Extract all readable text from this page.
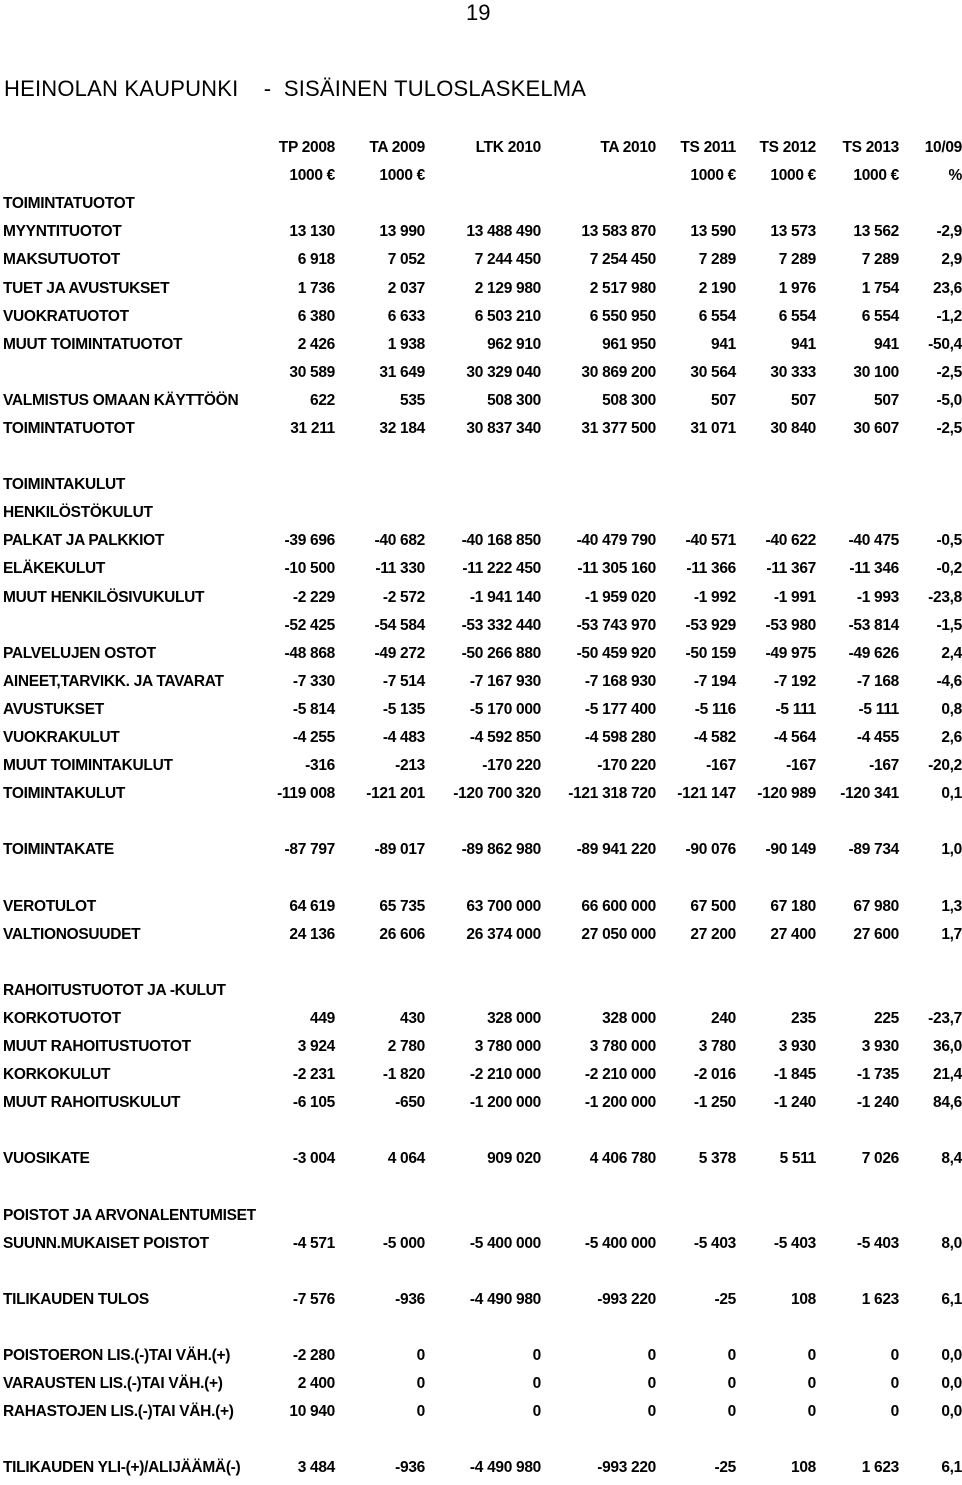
19
HEINOLAN KAUPUNKI    -  SISÄINEN TULOSLASKELMA
	TP 2008	TA 2009	LTK 2010	TA 2010	TS 2011	TS 2012	TS 2013	10/09
	1000 €	1000 €			1000 €	1000 €	1000 €	%
TOIMINTATUOTOT								
MYYNTITUOTOT	13 130	13 990	13 488 490	13 583 870	13 590	13 573	13 562	-2,9
MAKSUTUOTOT	6 918	7 052	7 244 450	7 254 450	7 289	7 289	7 289	2,9
TUET JA AVUSTUKSET	1 736	2 037	2 129 980	2 517 980	2 190	1 976	1 754	23,6
VUOKRATUOTOT	6 380	6 633	6 503 210	6 550 950	6 554	6 554	6 554	-1,2
MUUT TOIMINTATUOTOT	2 426	1 938	962 910	961 950	941	941	941	-50,4
	30 589	31 649	30 329 040	30 869 200	30 564	30 333	30 100	-2,5
VALMISTUS OMAAN KÄYTTÖÖN	622	535	508 300	508 300	507	507	507	-5,0
TOIMINTATUOTOT	31 211	32 184	30 837 340	31 377 500	31 071	30 840	30 607	-2,5

TOIMINTAKULUT								
HENKILÖSTÖKULUT								
PALKAT JA PALKKIOT	-39 696	-40 682	-40 168 850	-40 479 790	-40 571	-40 622	-40 475	-0,5
ELÄKEKULUT	-10 500	-11 330	-11 222 450	-11 305 160	-11 366	-11 367	-11 346	-0,2
MUUT HENKILÖSIVUKULUT	-2 229	-2 572	-1 941 140	-1 959 020	-1 992	-1 991	-1 993	-23,8
	-52 425	-54 584	-53 332 440	-53 743 970	-53 929	-53 980	-53 814	-1,5
PALVELUJEN OSTOT	-48 868	-49 272	-50 266 880	-50 459 920	-50 159	-49 975	-49 626	2,4
AINEET,TARVIKK. JA TAVARAT	-7 330	-7 514	-7 167 930	-7 168 930	-7 194	-7 192	-7 168	-4,6
AVUSTUKSET	-5 814	-5 135	-5 170 000	-5 177 400	-5 116	-5 111	-5 111	0,8
VUOKRAKULUT	-4 255	-4 483	-4 592 850	-4 598 280	-4 582	-4 564	-4 455	2,6
MUUT TOIMINTAKULUT	-316	-213	-170 220	-170 220	-167	-167	-167	-20,2
TOIMINTAKULUT	-119 008	-121 201	-120 700 320	-121 318 720	-121 147	-120 989	-120 341	0,1

TOIMINTAKATE	-87 797	-89 017	-89 862 980	-89 941 220	-90 076	-90 149	-89 734	1,0

VEROTULOT	64 619	65 735	63 700 000	66 600 000	67 500	67 180	67 980	1,3
VALTIONOSUUDET	24 136	26 606	26 374 000	27 050 000	27 200	27 400	27 600	1,7

RAHOITUSTUOTOT JA -KULUT								
KORKOTUOTOT	449	430	328 000	328 000	240	235	225	-23,7
MUUT RAHOITUSTUOTOT	3 924	2 780	3 780 000	3 780 000	3 780	3 930	3 930	36,0
KORKOKULUT	-2 231	-1 820	-2 210 000	-2 210 000	-2 016	-1 845	-1 735	21,4
MUUT RAHOITUSKULUT	-6 105	-650	-1 200 000	-1 200 000	-1 250	-1 240	-1 240	84,6

VUOSIKATE	-3 004	4 064	909 020	4 406 780	5 378	5 511	7 026	8,4

POISTOT JA ARVONALENTUMISET								
SUUNN.MUKAISET POISTOT	-4 571	-5 000	-5 400 000	-5 400 000	-5 403	-5 403	-5 403	8,0

TILIKAUDEN TULOS	-7 576	-936	-4 490 980	-993 220	-25	108	1 623	6,1

POISTOERON LIS.(-)TAI VÄH.(+)	-2 280	0	0	0	0	0	0	0,0
VARAUSTEN LIS.(-)TAI VÄH.(+)	2 400	0	0	0	0	0	0	0,0
RAHASTOJEN LIS.(-)TAI VÄH.(+)	10 940	0	0	0	0	0	0	0,0

TILIKAUDEN YLI-(+)/ALIJÄÄMÄ(-)	3 484	-936	-4 490 980	-993 220	-25	108	1 623	6,1
